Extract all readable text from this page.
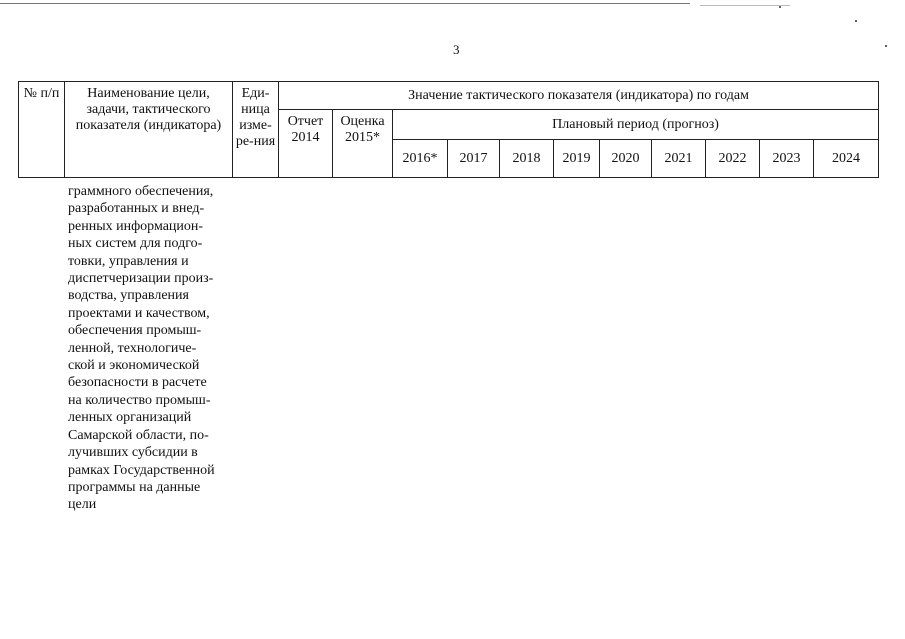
3
№ п/п	Наименование цели, задачи, тактического показателя (индикатора)	Еди-ница изме-ре-ния	Значение тактического показателя (индикатора) по годам										
			Отчет 2014	Оценка 2015*	Плановый период (прогноз)								
					2016*	2017	2018	2019	2020	2021	2022	2023	2024
граммного обеспечения,
разработанных и внед-
ренных информацион-
ных систем для подго-
товки, управления и
диспетчеризации произ-
водства, управления
проектами и качеством,
обеспечения промыш-
ленной, технологиче-
ской и экономической
безопасности в расчете
на количество промыш-
ленных организаций
Самарской области, по-
лучивших субсидии в
рамках Государственной
программы на данные
цели
